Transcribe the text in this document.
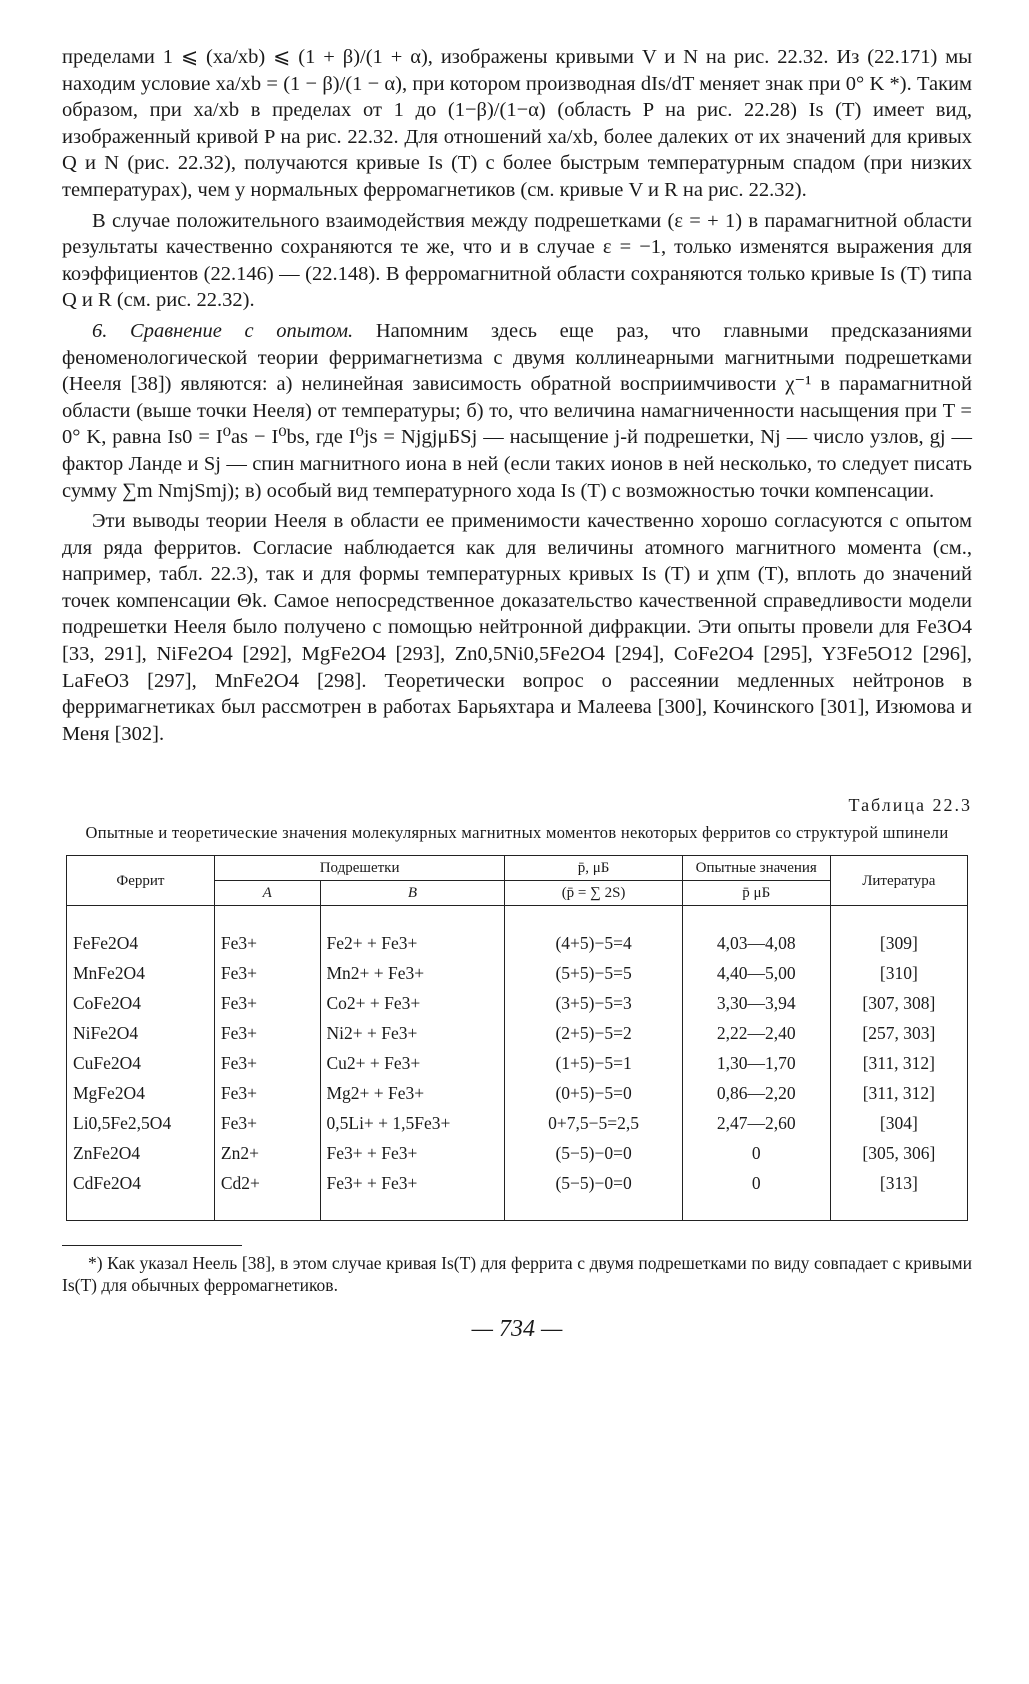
пределами 1 ⩽ (xa/xb) ⩽ (1 + β)/(1 + α), изображены кривыми V и N на рис. 22.32. Из (22.171) мы находим условие xa/xb = (1 − β)/(1 − α), при котором производная dIs/dT меняет знак при 0° K *). Таким образом, при xa/xb в пределах от 1 до (1−β)/(1−α) (область P на рис. 22.28) Is (T) имеет вид, изображенный кривой P на рис. 22.32. Для отношений xa/xb, более далеких от их значений для кривых Q и N (рис. 22.32), получаются кривые Is (T) с более быстрым температурным спадом (при низких температурах), чем у нормальных ферромагнетиков (см. кривые V и R на рис. 22.32).

В случае положительного взаимодействия между подрешетками (ε = + 1) в парамагнитной области результаты качественно сохраняются те же, что и в случае ε = −1, только изменятся выражения для коэффициентов (22.146) — (22.148). В ферромагнитной области сохраняются только кривые Is (T) типа Q и R (см. рис. 22.32).

6. Сравнение с опытом. Напомним здесь еще раз, что главными предсказаниями феноменологической теории ферримагнетизма с двумя коллинеарными магнитными подрешетками (Нееля [38]) являются: а) нелинейная зависимость обратной восприимчивости χ⁻¹ в парамагнитной области (выше точки Нееля) от температуры; б) то, что величина намагниченности насыщения при T = 0° K, равна Is0 = I⁰as − I⁰bs, где I⁰js = NjgjμБSj — насыщение j-й подрешетки, Nj — число узлов, gj — фактор Ланде и Sj — спин магнитного иона в ней (если таких ионов в ней несколько, то следует писать сумму ∑m NmjSmj); в) особый вид температурного хода Is (T) с возможностью точки компенсации.

Эти выводы теории Нееля в области ее применимости качественно хорошо согласуются с опытом для ряда ферритов. Согласие наблюдается как для величины атомного магнитного момента (см., например, табл. 22.3), так и для формы температурных кривых Is (T) и χпм (T), вплоть до значений точек компенсации Θk. Самое непосредственное доказательство качественной справедливости модели подрешетки Нееля было получено с помощью нейтронной дифракции. Эти опыты провели для Fe3O4 [33, 291], NiFe2O4 [292], MgFe2O4 [293], Zn0,5Ni0,5Fe2O4 [294], CoFe2O4 [295], Y3Fe5O12 [296], LaFeO3 [297], MnFe2O4 [298]. Теоретически вопрос о рассеянии медленных нейтронов в ферримагнетиках был рассмотрен в работах Барьяхтара и Малеева [300], Кочинского [301], Изюмова и Меня [302].

Таблица 22.3
Опытные и теоретические значения молекулярных магнитных моментов некоторых ферритов со структурой шпинели
Феррит	Подрешетки		p̄, μБ	Опытные значения	Литература
	A	B	(p̄ = ∑ 2S)	p̄ μБ	
FeFe2O4	Fe3+	Fe2+ + Fe3+	(4+5)−5=4	4,03—4,08	[309]
MnFe2O4	Fe3+	Mn2+ + Fe3+	(5+5)−5=5	4,40—5,00	[310]
CoFe2O4	Fe3+	Co2+ + Fe3+	(3+5)−5=3	3,30—3,94	[307, 308]
NiFe2O4	Fe3+	Ni2+ + Fe3+	(2+5)−5=2	2,22—2,40	[257, 303]
CuFe2O4	Fe3+	Cu2+ + Fe3+	(1+5)−5=1	1,30—1,70	[311, 312]
MgFe2O4	Fe3+	Mg2+ + Fe3+	(0+5)−5=0	0,86—2,20	[311, 312]
Li0,5Fe2,5O4	Fe3+	0,5Li+ + 1,5Fe3+	0+7,5−5=2,5	2,47—2,60	[304]
ZnFe2O4	Zn2+	Fe3+ + Fe3+	(5−5)−0=0	0	[305, 306]
CdFe2O4	Cd2+	Fe3+ + Fe3+	(5−5)−0=0	0	[313]
*) Как указал Неель [38], в этом случае кривая Is(T) для феррита с двумя подрешетками по виду совпадает с кривыми Is(T) для обычных ферромагнетиков.
— 734 —
